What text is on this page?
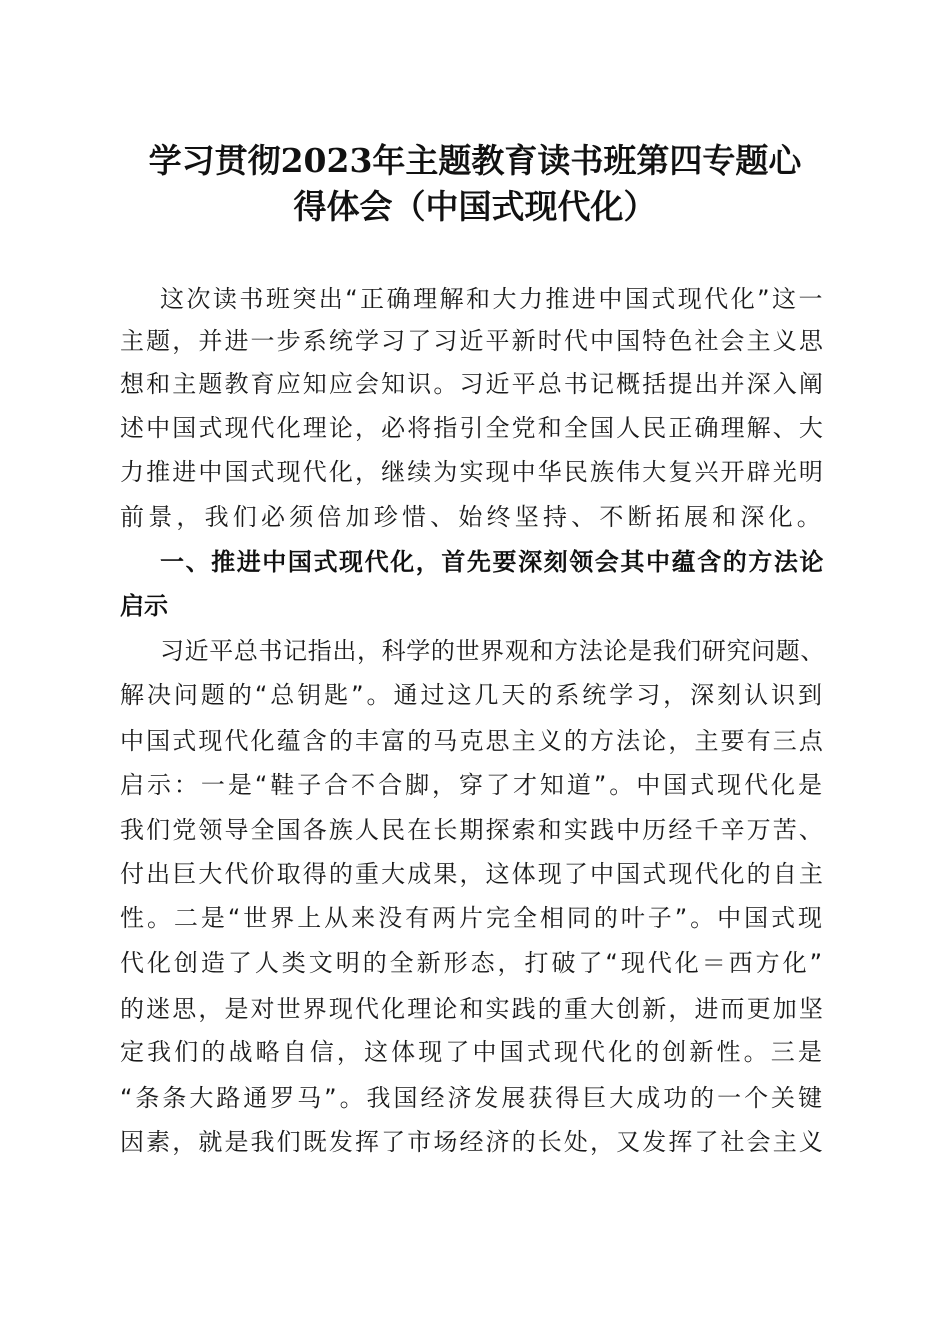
学习贯彻2023年主题教育读书班第四专题心
得体会（中国式现代化）
这次读书班突出“正确理解和大力推进中国式现代化”这一
主题，并进一步系统学习了习近平新时代中国特色社会主义思
想和主题教育应知应会知识。习近平总书记概括提出并深入阐
述中国式现代化理论，必将指引全党和全国人民正确理解、大
力推进中国式现代化，继续为实现中华民族伟大复兴开辟光明
前景，我们必须倍加珍惜、始终坚持、不断拓展和深化。
一、推进中国式现代化，首先要深刻领会其中蕴含的方法论
启示
习近平总书记指出，科学的世界观和方法论是我们研究问题、
解决问题的“总钥匙”。通过这几天的系统学习，深刻认识到
中国式现代化蕴含的丰富的马克思主义的方法论，主要有三点
启示：一是“鞋子合不合脚，穿了才知道”。中国式现代化是
我们党领导全国各族人民在长期探索和实践中历经千辛万苦、
付出巨大代价取得的重大成果，这体现了中国式现代化的自主
性。二是“世界上从来没有两片完全相同的叶子”。中国式现
代化创造了人类文明的全新形态，打破了“现代化＝西方化”
的迷思，是对世界现代化理论和实践的重大创新，进而更加坚
定我们的战略自信，这体现了中国式现代化的创新性。三是
“条条大路通罗马”。我国经济发展获得巨大成功的一个关键
因素，就是我们既发挥了市场经济的长处，又发挥了社会主义
